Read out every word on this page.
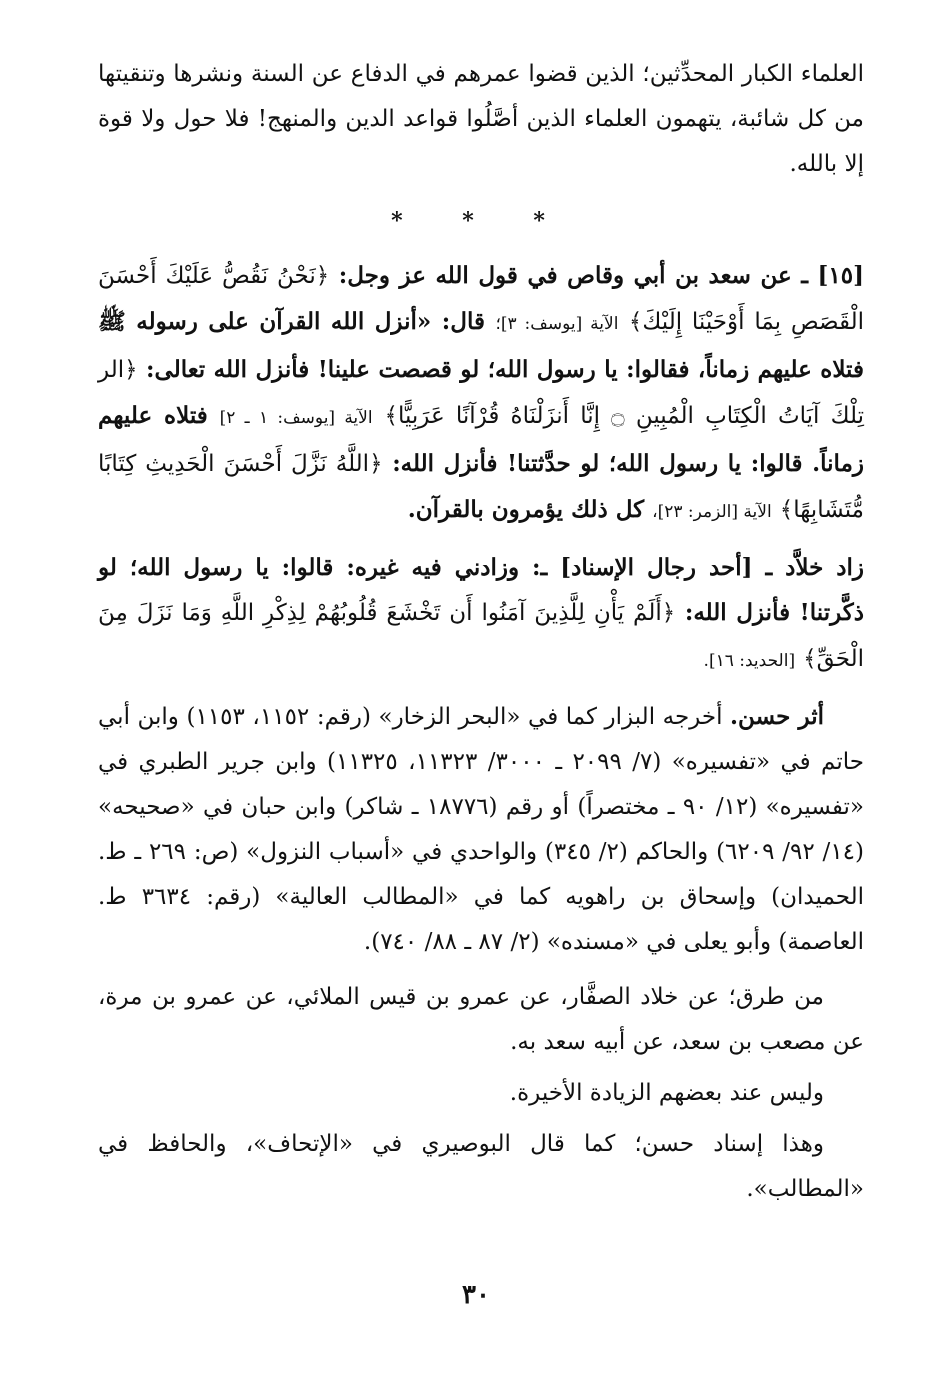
العلماء الكبار المحدِّثين؛ الذين قضوا عمرهم في الدفاع عن السنة ونشرها وتنقيتها من كل شائبة، يتهمون العلماء الذين أصَّلُوا قواعد الدين والمنهج! فلا حول ولا قوة إلا بالله.

* * *

[١٥] ـ عن سعد بن أبي وقاص في قول الله عز وجل: ﴿نَحْنُ نَقُصُّ عَلَيْكَ أَحْسَنَ الْقَصَصِ بِمَا أَوْحَيْنَا إِلَيْكَ﴾ الآية [يوسف: ٣]؛ قال: «أنزل الله القرآن على رسوله ﷺ فتلاه عليهم زماناً، فقالوا: يا رسول الله؛ لو قصصت علينا! فأنزل الله تعالى: ﴿الر تِلْكَ آيَاتُ الْكِتَابِ الْمُبِينِ ۝ إِنَّا أَنزَلْنَاهُ قُرْآنًا عَرَبِيًّا﴾ الآية [يوسف: ١ ـ ٢] فتلاه عليهم زماناً. قالوا: يا رسول الله؛ لو حدَّثتنا! فأنزل الله: ﴿اللَّهُ نَزَّلَ أَحْسَنَ الْحَدِيثِ كِتَابًا مُّتَشَابِهًا﴾ الآية [الزمر: ٢٣]، كل ذلك يؤمرون بالقرآن.

زاد خلاَّد ـ [أحد رجال الإسناد] ـ: وزادني فيه غيره: قالوا: يا رسول الله؛ لو ذكَّرتنا! فأنزل الله: ﴿أَلَمْ يَأْنِ لِلَّذِينَ آمَنُوا أَن تَخْشَعَ قُلُوبُهُمْ لِذِكْرِ اللَّهِ وَمَا نَزَلَ مِنَ الْحَقِّ﴾ [الحديد: ١٦].

أثر حسن. أخرجه البزار كما في «البحر الزخار» (رقم: ١١٥٢، ١١٥٣) وابن أبي حاتم في «تفسيره» (٧/ ٢٠٩٩ ـ ٣٠٠٠/ ١١٣٢٣، ١١٣٢٥) وابن جرير الطبري في «تفسيره» (١٢/ ٩٠ ـ مختصراً) أو رقم (١٨٧٧٦ ـ شاكر) وابن حبان في «صحيحه» (١٤/ ٩٢/ ٦٢٠٩) والحاكم (٢/ ٣٤٥) والواحدي في «أسباب النزول» (ص: ٢٦٩ ـ ط. الحميدان) وإسحاق بن راهويه كما في «المطالب العالية» (رقم: ٣٦٣٤ ط. العاصمة) وأبو يعلى في «مسنده» (٢/ ٨٧ ـ ٨٨/ ٧٤٠).

من طرق؛ عن خلاد الصفَّار، عن عمرو بن قيس الملائي، عن عمرو بن مرة، عن مصعب بن سعد، عن أبيه سعد به.

وليس عند بعضهم الزيادة الأخيرة.

وهذا إسناد حسن؛ كما قال البوصيري في «الإتحاف»، والحافظ في «المطالب».

٣٠
